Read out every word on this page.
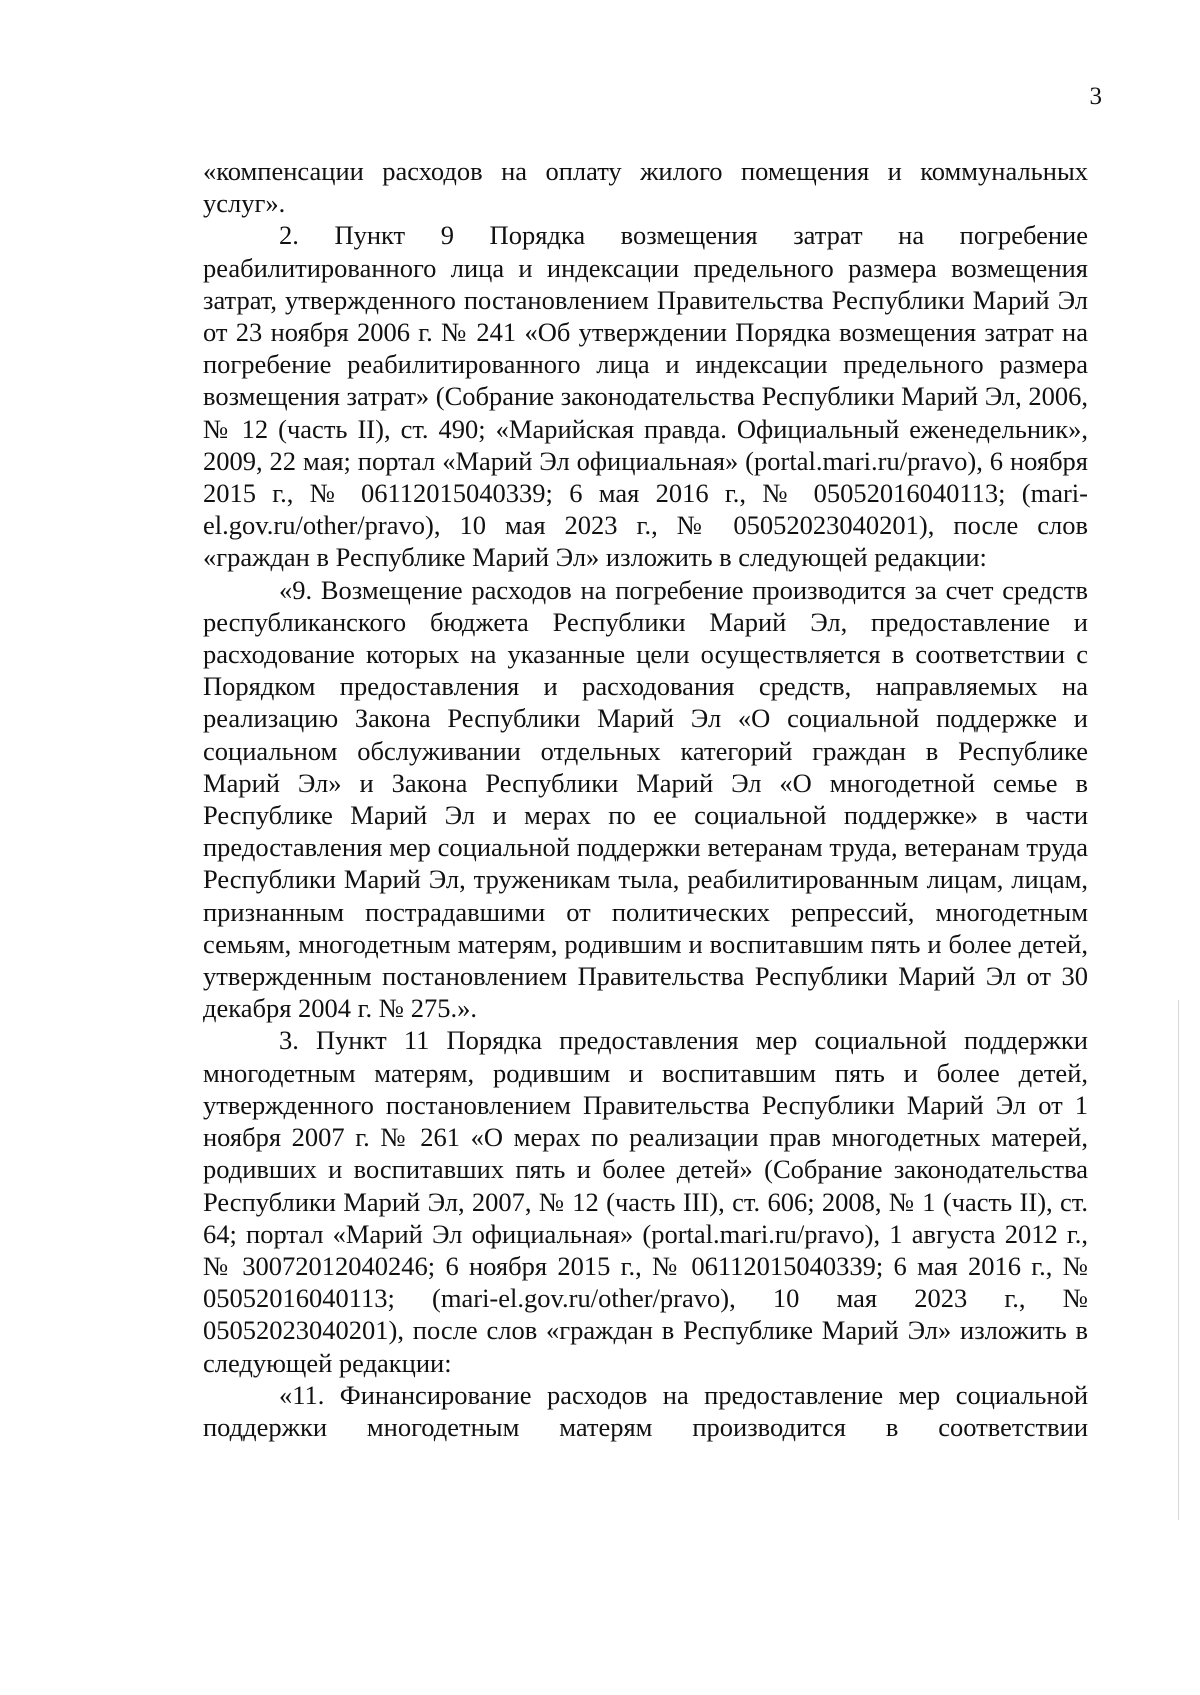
3

«компенсации расходов на оплату жилого помещения и коммунальных услуг».

2. Пункт 9 Порядка возмещения затрат на погребение реабилитированного лица и индексации предельного размера возмещения затрат, утвержденного постановлением Правительства Республики Марий Эл от 23 ноября 2006 г. № 241 «Об утверждении Порядка возмещения затрат на погребение реабилитированного лица и индексации предельного размера возмещения затрат» (Собрание законодательства Республики Марий Эл, 2006, № 12 (часть II), ст. 490; «Марийская правда. Официальный еженедельник», 2009, 22 мая; портал «Марий Эл официальная» (portal.mari.ru/pravo), 6 ноября 2015 г., № 06112015040339; 6 мая 2016 г., № 05052016040113; (mari-el.gov.ru/other/pravo), 10 мая 2023 г., № 05052023040201), после слов «граждан в Республике Марий Эл» изложить в следующей редакции:

«9. Возмещение расходов на погребение производится за счет средств республиканского бюджета Республики Марий Эл, предоставление и расходование которых на указанные цели осуществляется в соответствии с Порядком предоставления и расходования средств, направляемых на реализацию Закона Республики Марий Эл «О социальной поддержке и социальном обслуживании отдельных категорий граждан в Республике Марий Эл» и Закона Республики Марий Эл «О многодетной семье в Республике Марий Эл и мерах по ее социальной поддержке» в части предоставления мер социальной поддержки ветеранам труда, ветеранам труда Республики Марий Эл, труженикам тыла, реабилитированным лицам, лицам, признанным пострадавшими от политических репрессий, многодетным семьям, многодетным матерям, родившим и воспитавшим пять и более детей, утвержденным постановлением Правительства Республики Марий Эл от 30 декабря 2004 г. № 275.».

3. Пункт 11 Порядка предоставления мер социальной поддержки многодетным матерям, родившим и воспитавшим пять и более детей, утвержденного постановлением Правительства Республики Марий Эл от 1 ноября 2007 г. № 261 «О мерах по реализации прав многодетных матерей, родивших и воспитавших пять и более детей» (Собрание законодательства Республики Марий Эл, 2007, № 12 (часть III), ст. 606; 2008, № 1 (часть II), ст. 64; портал «Марий Эл официальная» (portal.mari.ru/pravo), 1 августа 2012 г., № 30072012040246; 6 ноября 2015 г., № 06112015040339; 6 мая 2016 г., № 05052016040113; (mari-el.gov.ru/other/pravo), 10 мая 2023 г., № 05052023040201), после слов «граждан в Республике Марий Эл» изложить в следующей редакции:

«11. Финансирование расходов на предоставление мер социальной поддержки многодетным матерям производится в соответствии
